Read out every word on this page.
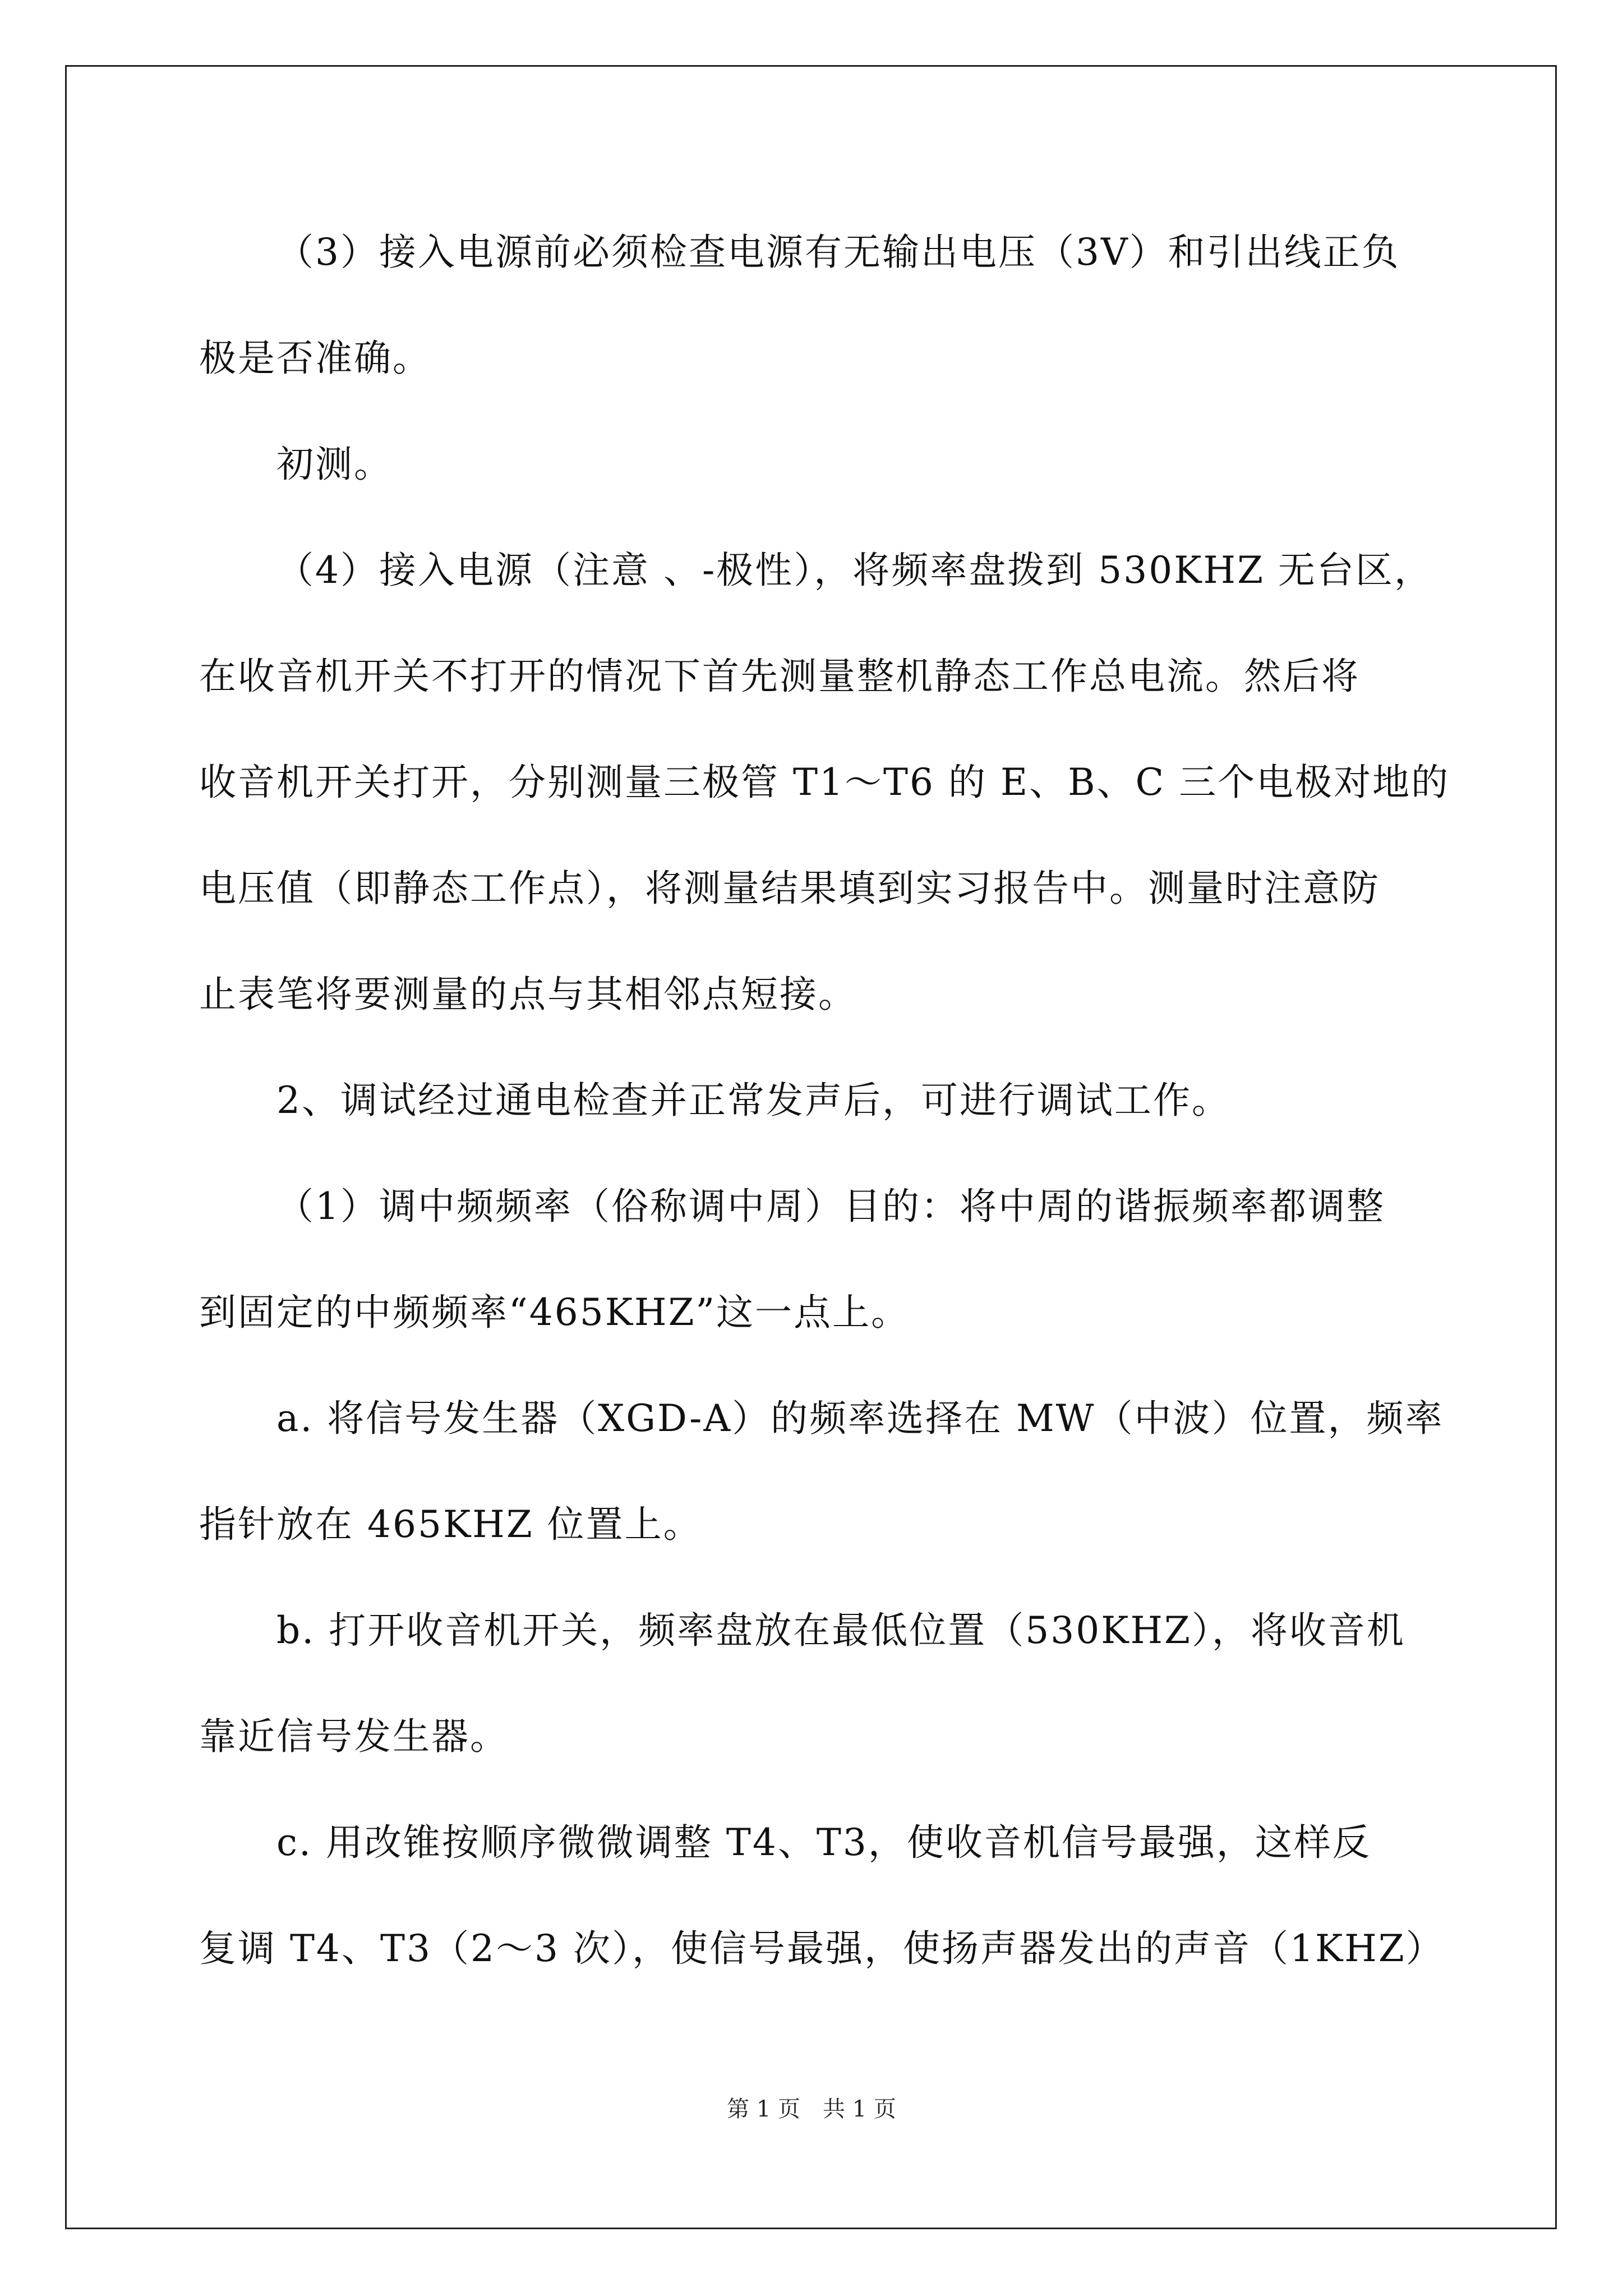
（3）接入电源前必须检查电源有无输出电压（3V）和引出线正负

极是否准确。

初测。

（4）接入电源（注意 、-极性），将频率盘拨到 530KHZ 无台区，

在收音机开关不打开的情况下首先测量整机静态工作总电流。然后将

收音机开关打开，分别测量三极管 T1～T6 的 E、B、C 三个电极对地的

电压值（即静态工作点），将测量结果填到实习报告中。测量时注意防

止表笔将要测量的点与其相邻点短接。

2、调试经过通电检查并正常发声后，可进行调试工作。

（1）调中频频率（俗称调中周）目的：将中周的谐振频率都调整

到固定的中频频率“465KHZ”这一点上。

a. 将信号发生器（XGD-A）的频率选择在 MW（中波）位置，频率

指针放在 465KHZ 位置上。

b. 打开收音机开关，频率盘放在最低位置（530KHZ），将收音机

靠近信号发生器。

c. 用改锥按顺序微微调整 T4、T3，使收音机信号最强，这样反

复调 T4、T3（2～3 次），使信号最强，使扬声器发出的声音（1KHZ）

第 1 页　共 1 页
